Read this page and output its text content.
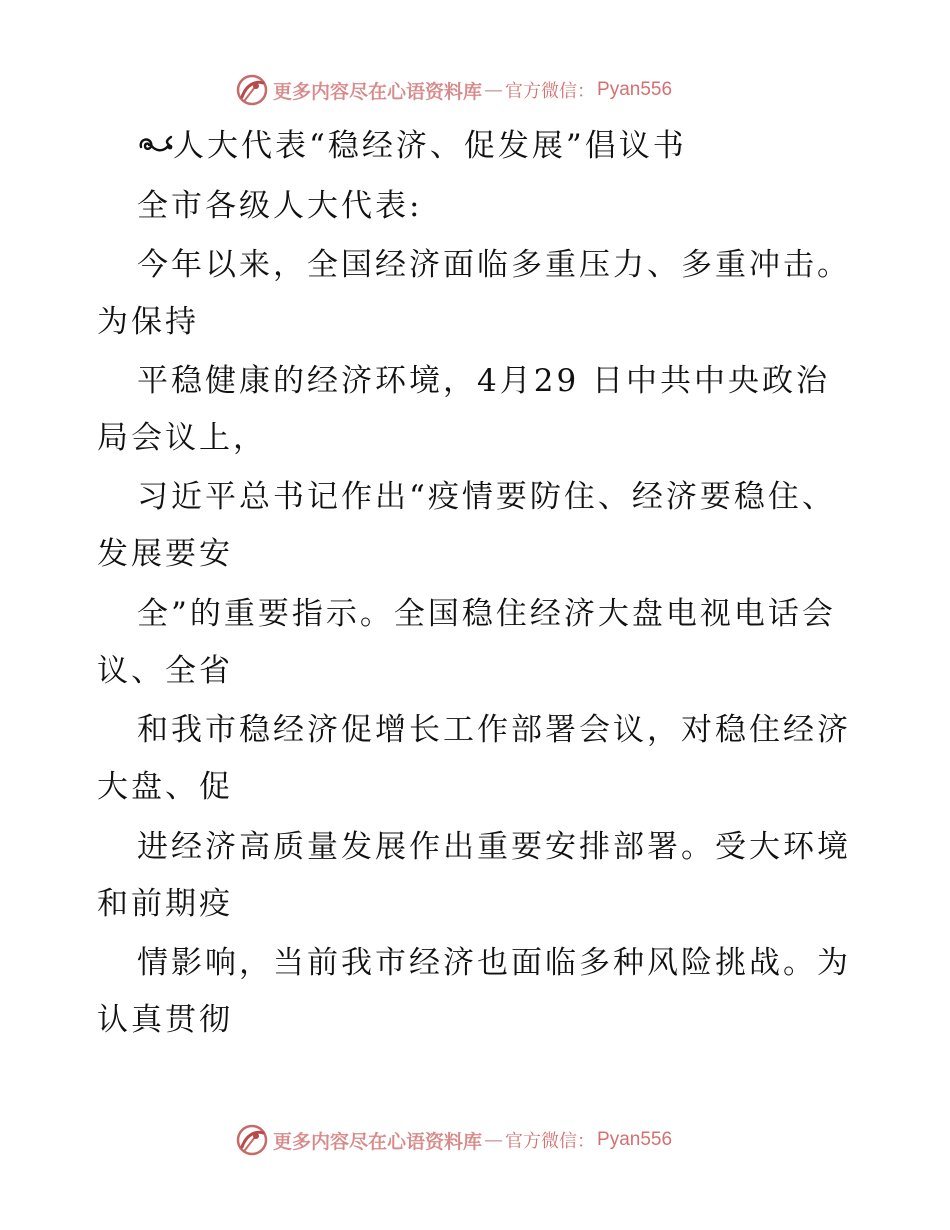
更多内容尽在心语资料库 — 官方微信： Pyan556
人大代表“稳经济、促发展”倡议书
全市各级人大代表:
今年以来，全国经济面临多重压力、多重冲击。
为保持
平稳健康的经济环境，4月29 日中共中央政治
局会议上，
习近平总书记作出“疫情要防住、经济要稳住、
发展要安
全”的重要指示。全国稳住经济大盘电视电话会
议、全省
和我市稳经济促增长工作部署会议，对稳住经济
大盘、促
进经济高质量发展作出重要安排部署。受大环境
和前期疫
情影响，当前我市经济也面临多种风险挑战。为
认真贯彻
更多内容尽在心语资料库 — 官方微信： Pyan556
